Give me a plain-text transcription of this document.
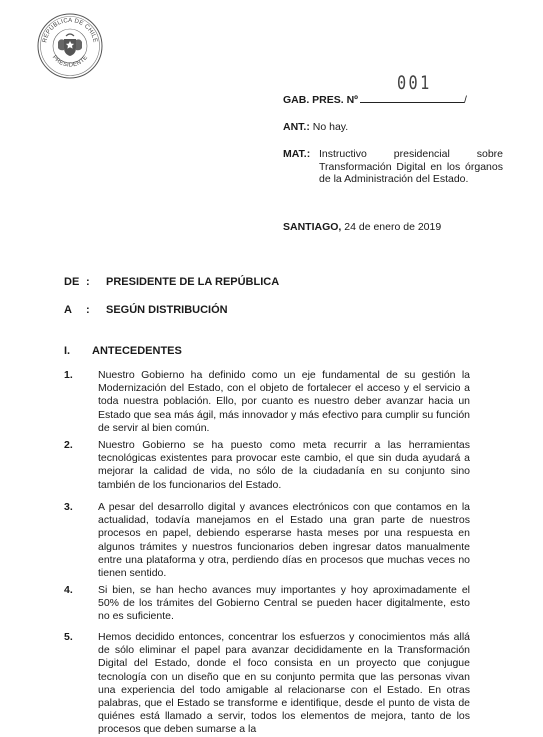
REPÚBLICA DE CHILE
PRESIDENTE
001
GAB. PRES. Nº	/
ANT.: No hay.
MAT.: Instructivo presidencial sobre Transformación Digital en los órganos de la Administración del Estado.
SANTIAGO, 24 de enero de 2019
DE : PRESIDENTE DE LA REPÚBLICA
A : SEGÚN DISTRIBUCIÓN
I. ANTECEDENTES
1. Nuestro Gobierno ha definido como un eje fundamental de su gestión la Modernización del Estado, con el objeto de fortalecer el acceso y el servicio a toda nuestra población. Ello, por cuanto es nuestro deber avanzar hacia un Estado que sea más ágil, más innovador y más efectivo para cumplir su función de servir al bien común.
2. Nuestro Gobierno se ha puesto como meta recurrir a las herramientas tecnológicas existentes para provocar este cambio, el que sin duda ayudará a mejorar la calidad de vida, no sólo de la ciudadanía en su conjunto sino también de los funcionarios del Estado.
3. A pesar del desarrollo digital y avances electrónicos con que contamos en la actualidad, todavía manejamos en el Estado una gran parte de nuestros procesos en papel, debiendo esperarse hasta meses por una respuesta en algunos trámites y nuestros funcionarios deben ingresar datos manualmente entre una plataforma y otra, perdiendo días en procesos que muchas veces no tienen sentido.
4. Si bien, se han hecho avances muy importantes y hoy aproximadamente el 50% de los trámites del Gobierno Central se pueden hacer digitalmente, esto no es suficiente.
5. Hemos decidido entonces, concentrar los esfuerzos y conocimientos más allá de sólo eliminar el papel para avanzar decididamente en la Transformación Digital del Estado, donde el foco consista en un proyecto que conjugue tecnología con un diseño que en su conjunto permita que las personas vivan una experiencia del todo amigable al relacionarse con el Estado. En otras palabras, que el Estado se transforme e identifique, desde el punto de vista de quiénes está llamado a servir, todos los elementos de mejora, tanto de los procesos que deben sumarse a la
